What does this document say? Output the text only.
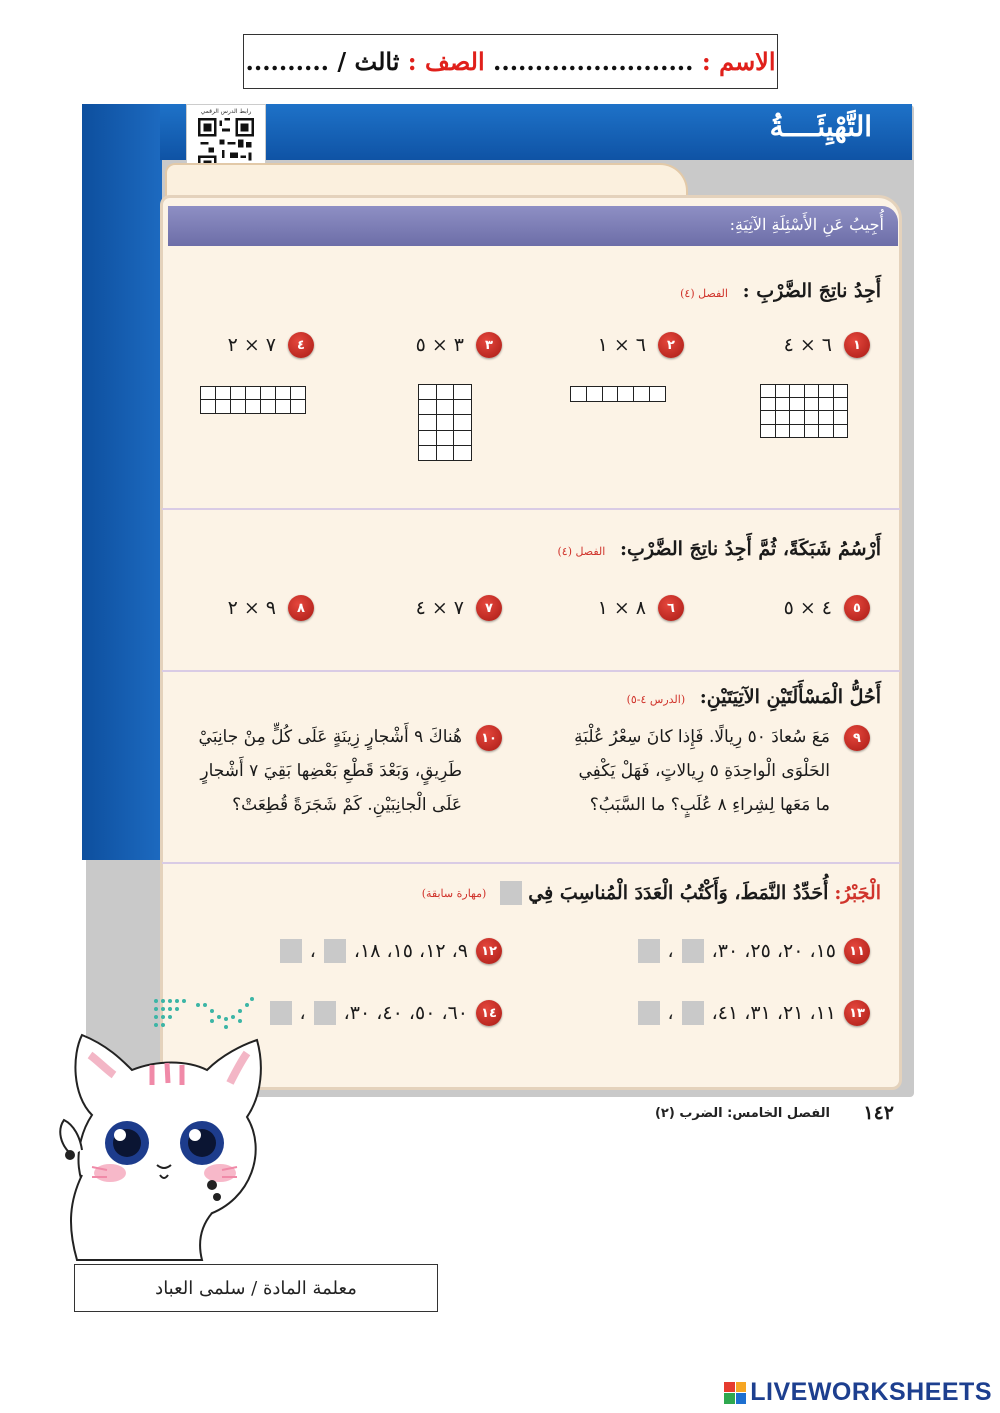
الاسم :

........................

الصف :

ثالث

/

..........
التَّهْيِئَــــةُ
رابط الدرس الرقمي
أُجِيبُ عَنِ الأَسْئِلَةِ الآتِيَةِ:
أَجِدُ ناتِجَ الضَّرْبِ : الفصل (٤)
١
٦ × ٤
٢
٦ × ١
٣
٣ × ٥
٤
٧ × ٢
أَرْسُمُ شَبَكَةً، ثُمَّ أَجِدُ ناتِجَ الضَّرْبِ: الفصل (٤)
٥
٤ × ٥
٦
٨ × ١
٧
٧ × ٤
٨
٩ × ٢
أَحُلُّ الْمَسْأَلَتَيْنِ الآتِيَتَيْنِ: (الدرس ٤-٥)
٩
مَعَ سُعادَ ٥٠ رِيالًا. فَإِذا كانَ سِعْرُ عُلْبَةِ
الحَلْوَى الْواحِدَةِ ٥ رِيالاتٍ، فَهَلْ يَكْفِي
ما مَعَها لِشِراءِ ٨ عُلَبٍ؟ ما السَّبَبُ؟
١٠
هُناكَ ٩ أَشْجارٍ زِينَةٍ عَلَى كُلٍّ مِنْ جانِبَيْ
طَرِيقٍ، وَبَعْدَ قَطْعِ بَعْضِها بَقِيَ ٧ أَشْجارٍ
عَلَى الْجانِبَيْنِ. كَمْ شَجَرَةً قُطِعَتْ؟
الْجَبْرُ:
أُحَدِّدُ النَّمَطَ، وَأَكْتُبُ الْعَدَدَ الْمُناسِبَ فِي
(مهارة سابقة)
١١
١٥، ٢٠، ٢٥، ٣٠،
،
١٢
٩، ١٢، ١٥، ١٨،
،
١٣
١١، ٢١، ٣١، ٤١،
،
١٤
٦٠، ٥٠، ٤٠، ٣٠،
،
١٤٢
الفصل الخامس: الضرب (٢)
معلمة المادة / سلمى العباد
LIVEWORKSHEETS
